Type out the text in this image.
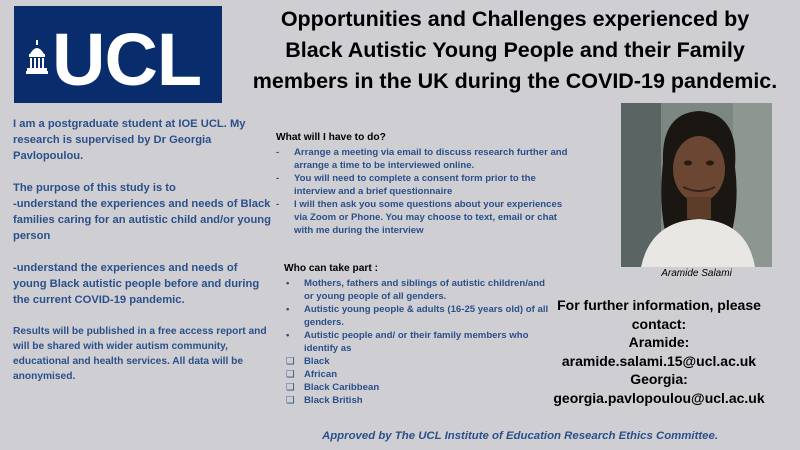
UCL	Opportunities and Challenges experienced by Black Autistic Young People and their Family members in the UK during the COVID-19 pandemic.

I am a postgraduate student at IOE UCL. My research is supervised by Dr Georgia Pavlopoulou.

The purpose of this study is to

-understand the experiences and needs of Black families caring for an autistic child and/or young person

-understand the experiences and needs of young Black autistic people before and during the current COVID-19 pandemic.

Results will be published in a free access report and will be shared with wider autism community, educational and health services. All data will be anonymised.

What will I have to do?
- Arrange a meeting via email to discuss research further and arrange a time to be interviewed online.
- You will need to complete a consent form prior to the interview and a brief questionnaire
- I will then ask you some questions about your experiences via Zoom or Phone. You may choose to text, email or chat with me during the interview
Who can take part :
• Mothers, fathers and siblings of autistic children/and or young people of all genders.
• Autistic young people & adults (16-25 years old) of all genders.
• Autistic people and/ or their family members who identify as
❑ Black
❑ African
❑ Black Caribbean
❑ Black British
Aramide Salami

For further information, please contact:

Aramide:

aramide.salami.15@ucl.ac.uk

Georgia:

georgia.pavlopoulou@ucl.ac.uk

Approved by The UCL Institute of Education Research Ethics Committee.
